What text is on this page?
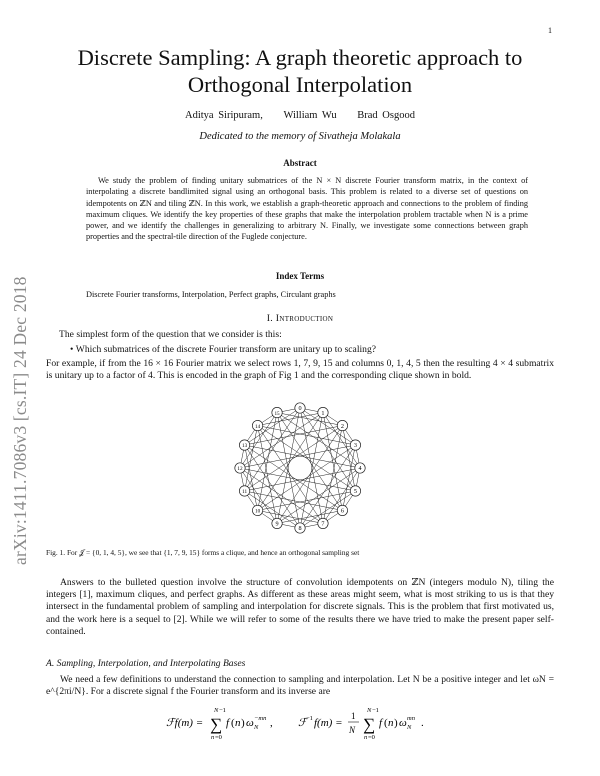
1
arXiv:1411.7086v3 [cs.IT] 24 Dec 2018
Discrete Sampling: A graph theoretic approach to
Orthogonal Interpolation
Aditya Siripuram, William Wu Brad Osgood
Dedicated to the memory of Sivatheja Molakala
Abstract
We study the problem of finding unitary submatrices of the N × N discrete Fourier transform matrix, in the context of interpolating a discrete bandlimited signal using an orthogonal basis. This problem is related to a diverse set of questions on idempotents on ℤN and tiling ℤN. In this work, we establish a graph-theoretic approach and connections to the problem of finding maximum cliques. We identify the key properties of these graphs that make the interpolation problem tractable when N is a prime power, and we identify the challenges in generalizing to arbitrary N. Finally, we investigate some connections between graph properties and the spectral-tile direction of the Fuglede conjecture.
Index Terms
Discrete Fourier transforms, Interpolation, Perfect graphs, Circulant graphs
I. Introduction
The simplest form of the question that we consider is this:
• Which submatrices of the discrete Fourier transform are unitary up to scaling?
For example, if from the 16 × 16 Fourier matrix we select rows 1, 7, 9, 15 and columns 0, 1, 4, 5 then the resulting 4 × 4 submatrix is unitary up to a factor of 4. This is encoded in the graph of Fig 1 and the corresponding clique shown in bold.
0
1
2
3
4
5
6
7
8
9
10
11
12
13
14
15
Fig. 1. For 𝒥 = {0, 1, 4, 5}, we see that {1, 7, 9, 15} forms a clique, and hence an orthogonal sampling set
Answers to the bulleted question involve the structure of convolution idempotents on ℤN (integers modulo N), tiling the integers [1], maximum cliques, and perfect graphs. As different as these areas might seem, what is most striking to us is that they intersect in the fundamental problem of sampling and interpolation for discrete signals. This is the problem that first motivated us, and the work here is a sequel to [2]. While we will refer to some of the results there we have tried to make the present paper self-contained.
A. Sampling, Interpolation, and Interpolating Bases
We need a few definitions to understand the connection to sampling and interpolation. Let N be a positive integer and let ωN = e^{2πi/N}. For a discrete signal f the Fourier transform and its inverse are
ℱf(m) =
N −1
∑
n =0
f ( n ) ω N
−mn , ℱ −1 f(m) =
1
N
N −1
∑
n =0
f ( n ) ω N
mn .
